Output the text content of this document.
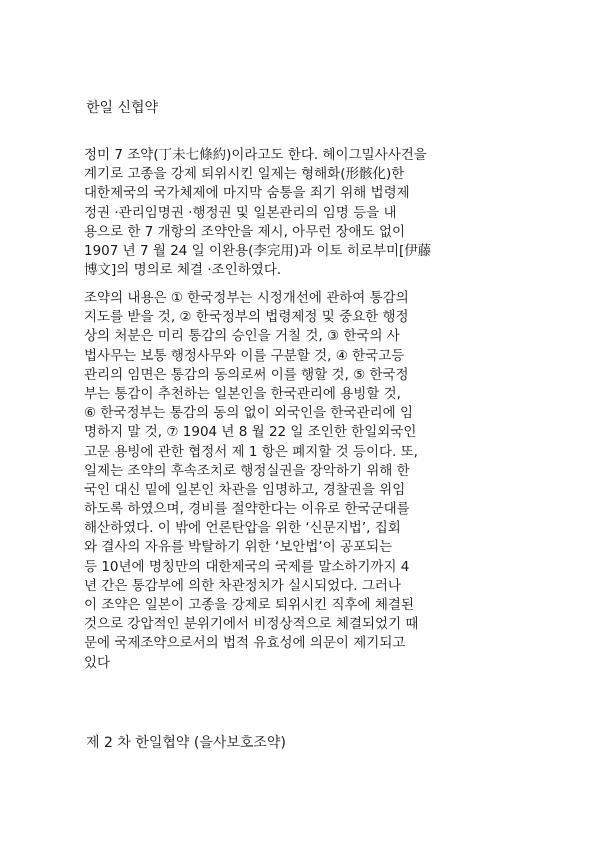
한일 신협약
정미 7 조약(丁未七條約)이라고도 한다. 헤이그밀사사건을
계기로 고종을 강제 퇴위시킨 일제는 형해화(形骸化)한
대한제국의 국가체제에 마지막 숨통을 죄기 위해 법령제
정권 ·관리임명권 ·행정권 및 일본관리의 임명 등을 내
용으로 한 7 개항의 조약안을 제시, 아무런 장애도 없이
1907 년 7 월 24 일 이완용(李完用)과 이토 히로부미[伊藤
博文]의 명의로 체결 ·조인하였다.
조약의 내용은 ① 한국정부는 시정개선에 관하여 통감의
지도를 받을 것, ② 한국정부의 법령제정 및 중요한 행정
상의 처분은 미리 통감의 승인을 거칠 것, ③ 한국의 사
법사무는 보통 행정사무와 이를 구분할 것, ④ 한국고등
관리의 임면은 통감의 동의로써 이를 행할 것, ⑤ 한국정
부는 통감이 추천하는 일본인을 한국관리에 용빙할 것,
⑥ 한국정부는 통감의 동의 없이 외국인을 한국관리에 임
명하지 말 것, ⑦ 1904 년 8 월 22 일 조인한 한일외국인
고문 용빙에 관한 협정서 제 1 항은 폐지할 것 등이다. 또,
일제는 조약의 후속조치로 행정실권을 장악하기 위해 한
국인 대신 밑에 일본인 차관을 임명하고, 경찰권을 위임
하도록 하였으며, 경비를 절약한다는 이유로 한국군대를
해산하였다. 이 밖에 언론탄압을 위한 ‘신문지법’, 집회
와 결사의 자유를 박탈하기 위한 ‘보안법’이 공포되는
등 10년에 명칭만의 대한제국의 국제를 말소하기까지 4
년 간은 통감부에 의한 차관정치가 실시되었다. 그러나
이 조약은 일본이 고종을 강제로 퇴위시킨 직후에 체결된
것으로 강압적인 분위기에서 비정상적으로 체결되었기 때
문에 국제조약으로서의 법적 유효성에 의문이 제기되고
있다
제 2 차 한일협약 (을사보호조약)
